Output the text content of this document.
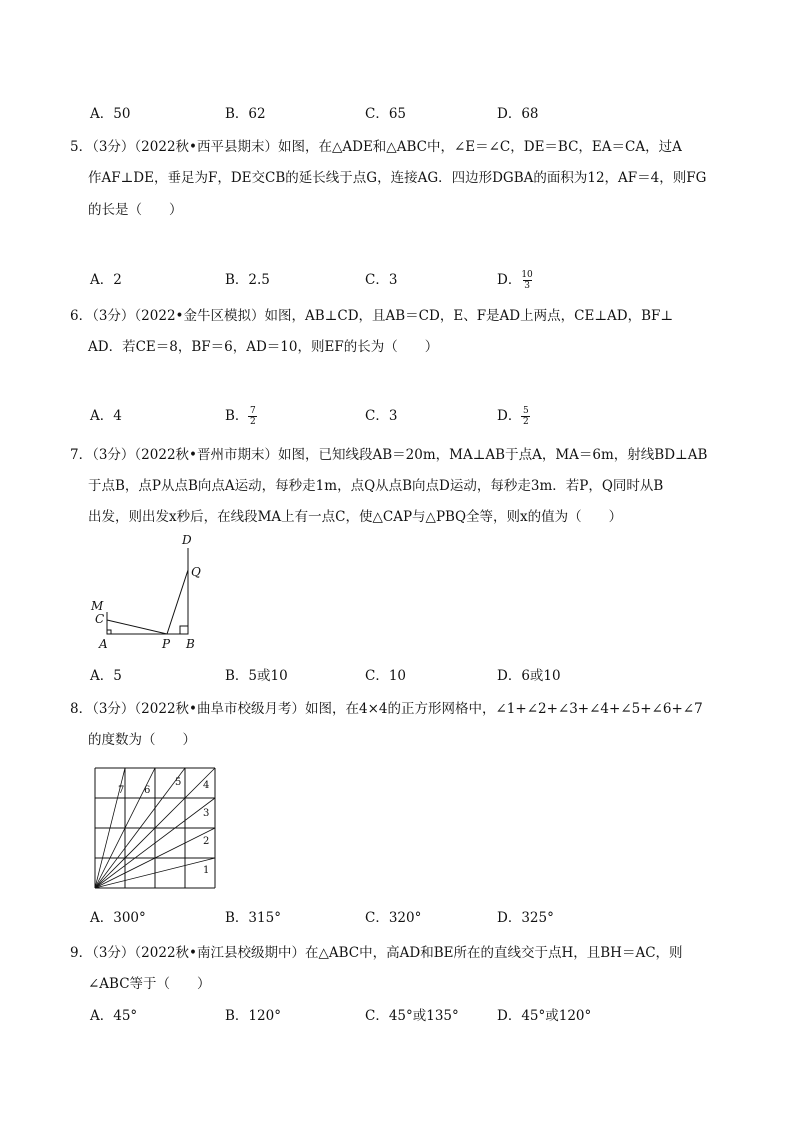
A．50	B．62	C．65	D．68
5．（3分）（2022秋•西平县期末）如图，在△ADE和△ABC中，∠E＝∠C，DE＝BC，EA＝CA，过A
作AF⊥DE，垂足为F，DE交CB的延长线于点G，连接AG．四边形DGBA的面积为12，AF＝4，则FG
的长是（　　）
A．2	B．2.5	C．3	D． $\frac{10}{3}$
6．（3分）（2022•金牛区模拟）如图，AB⊥CD，且AB＝CD，E、F是AD上两点，CE⊥AD，BF⊥
AD．若CE＝8，BF＝6，AD＝10，则EF的长为（　　）
A．4	B． $\frac{7}{2}$	C．3	D． $\frac{5}{2}$
7．（3分）（2022秋•晋州市期末）如图，已知线段AB＝20m，MA⊥AB于点A，MA＝6m，射线BD⊥AB
于点B，点P从点B向点A运动，每秒走1m，点Q从点B向点D运动，每秒走3m．若P，Q同时从B
出发，则出发x秒后，在线段MA上有一点C，使△CAP与△PBQ全等，则x的值为（　　）
D
Q
M
C
A	P B
A．5	B．5或10	C．10	D．6或10
8．（3分）（2022秋•曲阜市校级月考）如图，在4×4的正方形网格中，∠1+∠2+∠3+∠4+∠5+∠6+∠7
的度数为（　　）
1
2
3
4
5
6
7
A．300°	B．315°	C．320°	D．325°
9．（3分）（2022秋•南江县校级期中）在△ABC中，高AD和BE所在的直线交于点H，且BH＝AC，则
∠ABC等于（　　）
A．45°	B．120°	C．45°或135°	D．45°或120°
